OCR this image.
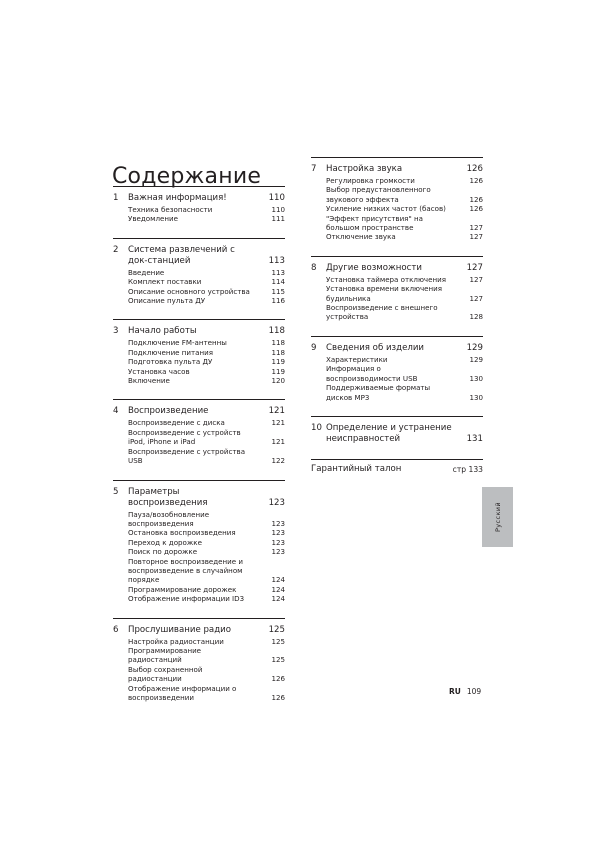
Содержание
1	Важная информация!	110
Техника безопасности	110
Уведомление	111
2	Система развлечений с док-станцией	113
Введение	113
Комплект поставки	114
Описание основного устройства	115
Описание пульта ДУ	116
3	Начало работы	118
Подключение FM-антенны	118
Подключение питания	118
Подготовка пульта ДУ	119
Установка часов	119
Включение	120
4	Воспроизведение	121
Воспроизведение с диска	121
Воспроизведение с устройств iPod, iPhone и iPad	121
Воспроизведение с устройства USB	122
5	Параметры воспроизведения	123
Пауза/возобновление воспроизведения	123
Остановка воспроизведения	123
Переход к дорожке	123
Поиск по дорожке	123
Повторное воспроизведение и воспроизведение в случайном порядке	124
Программирование дорожек	124
Отображение информации ID3	124
6	Прослушивание радио	125
Настройка радиостанции	125
Программирование радиостанций	125
Выбор сохраненной радиостанции	126
Отображение информации о воспроизведении	126
7	Настройка звука	126
Регулировка громкости	126
Выбор предустановленного звукового эффекта	126
Усиление низких частот (басов)	126
"Эффект присутствия" на большом пространстве	127
Отключение звука	127
8	Другие возможности	127
Установка таймера отключения	127
Установка времени включения будильника	127
Воспроизведение с внешнего устройства	128
9	Сведения об изделии	129
Характеристики	129
Информация о воспроизводимости USB	130
Поддерживаемые форматы дисков MP3	130
10 Определение и устранение неисправностей	131
Гарантийный талон	стр 133
Русский
RU 109
